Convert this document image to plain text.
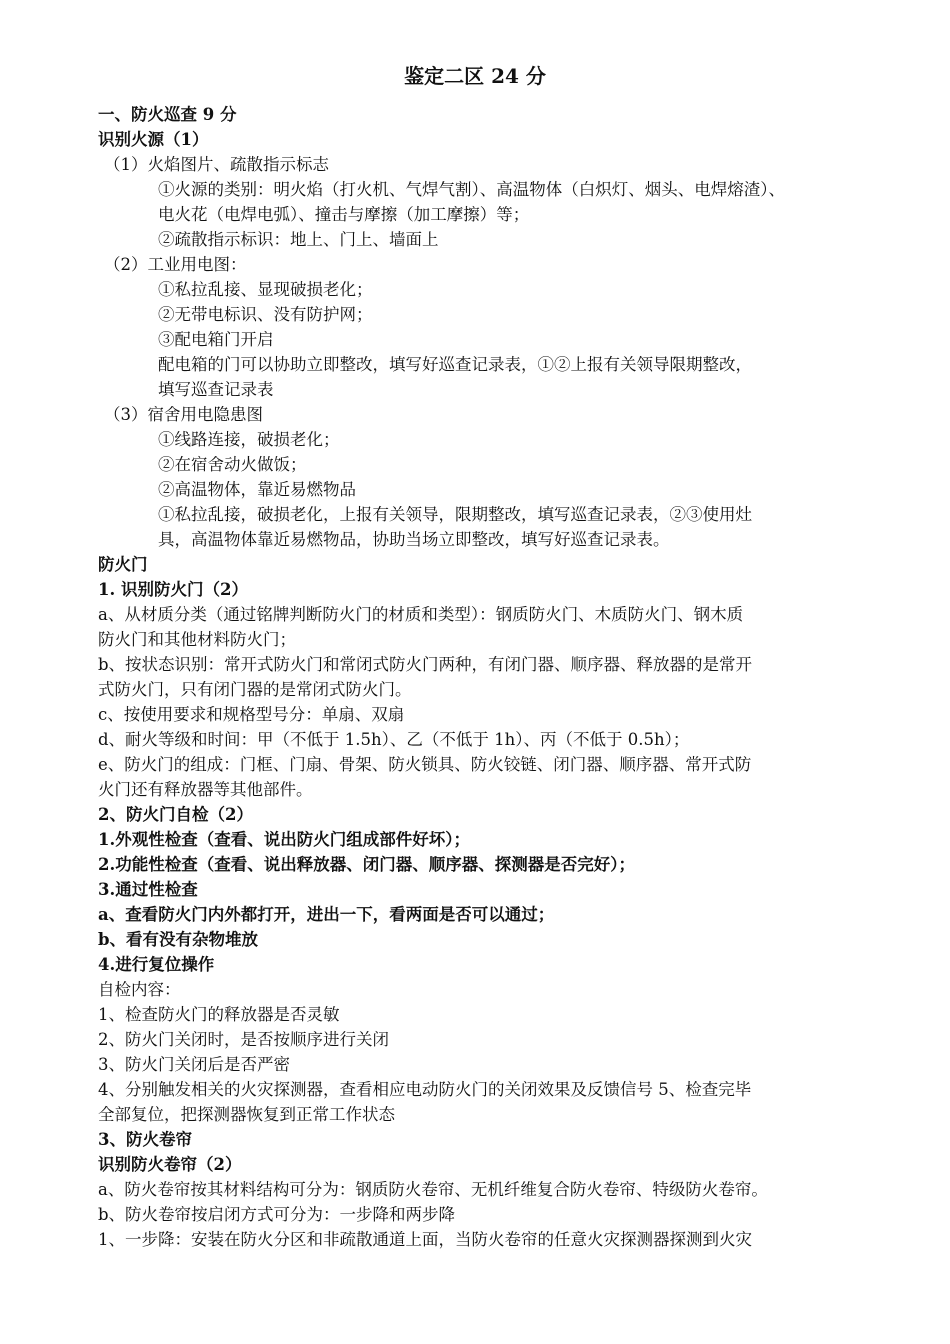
鉴定二区 24 分

一、防火巡查 9 分

识别火源（1）

（1）火焰图片、疏散指示标志

①火源的类别：明火焰（打火机、气焊气割）、高温物体（白炽灯、烟头、电焊熔渣）、

电火花（电焊电弧）、撞击与摩擦（加工摩擦）等；

②疏散指示标识：地上、门上、墙面上

（2）工业用电图：

①私拉乱接、显现破损老化；

②无带电标识、没有防护网；

③配电箱门开启

配电箱的门可以协助立即整改，填写好巡查记录表，①②上报有关领导限期整改，

填写巡查记录表

（3）宿舍用电隐患图

①线路连接，破损老化；

②在宿舍动火做饭；

②高温物体，靠近易燃物品

①私拉乱接，破损老化，上报有关领导，限期整改，填写巡查记录表，②③使用灶

具，高温物体靠近易燃物品，协助当场立即整改，填写好巡查记录表。

防火门

1. 识别防火门（2）

a、从材质分类（通过铭牌判断防火门的材质和类型）：钢质防火门、木质防火门、钢木质

防火门和其他材料防火门；

b、按状态识别：常开式防火门和常闭式防火门两种，有闭门器、顺序器、释放器的是常开

式防火门，只有闭门器的是常闭式防火门。

c、按使用要求和规格型号分：单扇、双扇

d、耐火等级和时间：甲（不低于 1.5h）、乙（不低于 1h）、丙（不低于 0.5h）；

e、防火门的组成：门框、门扇、骨架、防火锁具、防火铰链、闭门器、顺序器、常开式防

火门还有释放器等其他部件。

2、防火门自检（2）

1.外观性检查（查看、说出防火门组成部件好坏）；

2.功能性检查（查看、说出释放器、闭门器、顺序器、探测器是否完好）；

3.通过性检查

a、查看防火门内外都打开，进出一下，看两面是否可以通过；

b、看有没有杂物堆放

4.进行复位操作

自检内容：

1、检查防火门的释放器是否灵敏

2、防火门关闭时，是否按顺序进行关闭

3、防火门关闭后是否严密

4、分别触发相关的火灾探测器，查看相应电动防火门的关闭效果及反馈信号 5、检查完毕

全部复位，把探测器恢复到正常工作状态

3、防火卷帘

识别防火卷帘（2）

a、防火卷帘按其材料结构可分为：钢质防火卷帘、无机纤维复合防火卷帘、特级防火卷帘。

b、防火卷帘按启闭方式可分为：一步降和两步降

1、一步降：安装在防火分区和非疏散通道上面，当防火卷帘的任意火灾探测器探测到火灾
